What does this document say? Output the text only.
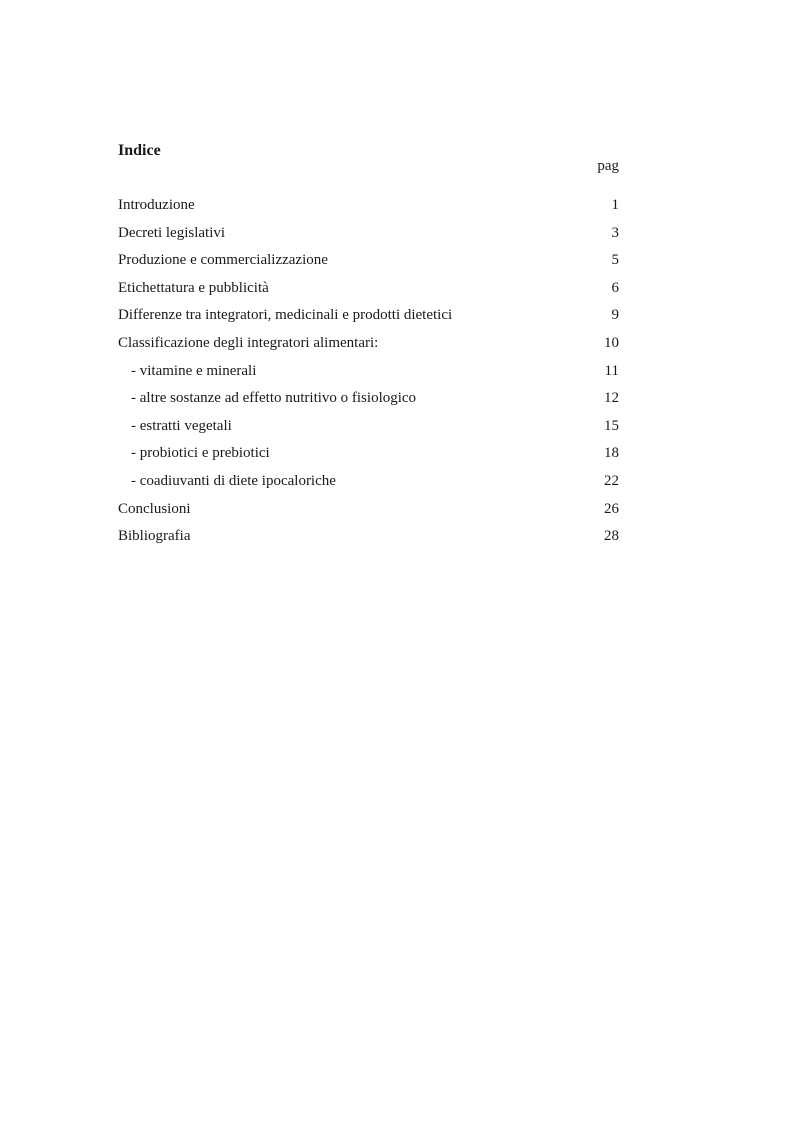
Indice
pag
Introduzione	1
Decreti legislativi	3
Produzione e commercializzazione	5
Etichettatura e pubblicità	6
Differenze tra integratori, medicinali e prodotti dietetici	9
Classificazione degli integratori alimentari:	10
- vitamine e minerali	11
- altre sostanze ad effetto nutritivo o fisiologico	12
- estratti vegetali	15
- probiotici e prebiotici	18
- coadiuvanti di diete ipocaloriche	22
Conclusioni	26
Bibliografia	28
